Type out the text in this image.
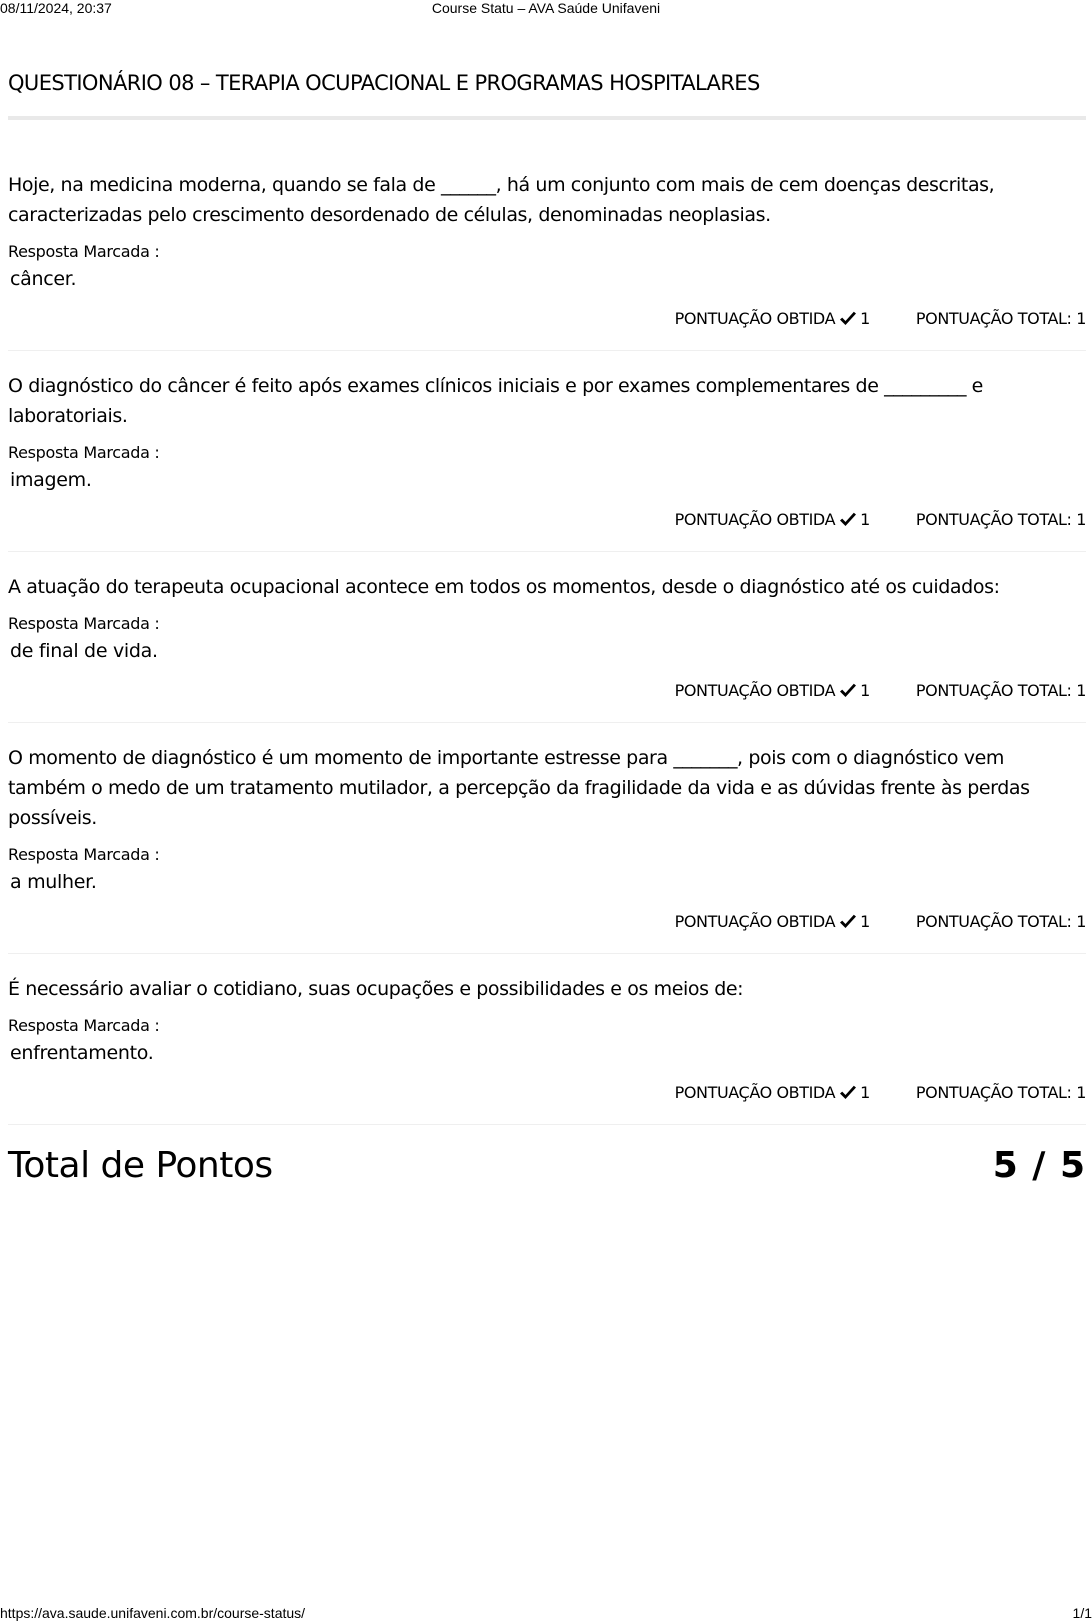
08/11/2024, 20:37	Course Statu – AVA Saúde Unifaveni
QUESTIONÁRIO 08 – TERAPIA OCUPACIONAL E PROGRAMAS HOSPITALARES

Hoje, na medicina moderna, quando se fala de ______, há um conjunto com mais de cem doenças descritas, caracterizadas pelo crescimento desordenado de células, denominadas neoplasias.

Resposta Marcada :
câncer.
PONTUAÇÃO OBTIDA 1	PONTUAÇÃO TOTAL: 1

O diagnóstico do câncer é feito após exames clínicos iniciais e por exames complementares de _________ e laboratoriais.

Resposta Marcada :
imagem.
PONTUAÇÃO OBTIDA 1	PONTUAÇÃO TOTAL: 1

A atuação do terapeuta ocupacional acontece em todos os momentos, desde o diagnóstico até os cuidados:

Resposta Marcada :
de final de vida.
PONTUAÇÃO OBTIDA 1	PONTUAÇÃO TOTAL: 1

O momento de diagnóstico é um momento de importante estresse para _______, pois com o diagnóstico vem também o medo de um tratamento mutilador, a percepção da fragilidade da vida e as dúvidas frente às perdas possíveis.

Resposta Marcada :
a mulher.
PONTUAÇÃO OBTIDA 1	PONTUAÇÃO TOTAL: 1

É necessário avaliar o cotidiano, suas ocupações e possibilidades e os meios de:

Resposta Marcada :
enfrentamento.
PONTUAÇÃO OBTIDA 1	PONTUAÇÃO TOTAL: 1
Total de Pontos	5 / 5
https://ava.saude.unifaveni.com.br/course-status/	1/1
